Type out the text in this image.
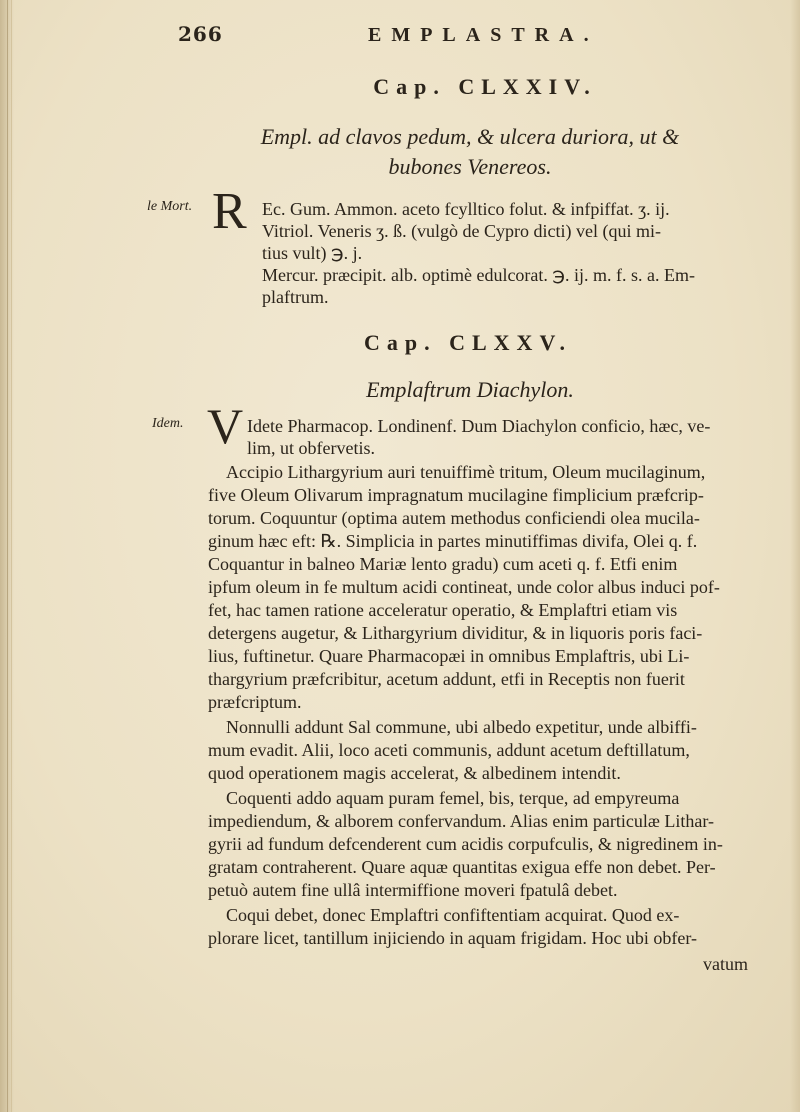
266	EMPLASTRA.
Cap. CLXXIV.
Empl. ad clavos pedum, & ulcera duriora, ut &
bubones Venereos.
le Mort. R Ec. Gum. Ammon. aceto fcylltico folut. & infpiffat. ʒ. ij.
Vitriol. Veneris ʒ. ß. (vulgò de Cypro dicti) vel (qui mi-
tius vult) ℈. j.
Mercur. præcipit. alb. optimè edulcorat. ℈. ij. m. f. s. a. Em-
plaftrum.
Cap. CLXXV.
Emplaftrum Diachylon.
Idem. V Idete Pharmacop. Londinenf. Dum Diachylon conficio, hæc, ve-
lim, ut obfervetis.
Accipio Lithargyrium auri tenuiffimè tritum, Oleum mucilaginum,
five Oleum Olivarum impragnatum mucilagine fimplicium præfcrip-
torum. Coquuntur (optima autem methodus conficiendi olea mucila-
ginum hæc eft: ℞. Simplicia in partes minutiffimas divifa, Olei q. f.
Coquantur in balneo Mariæ lento gradu) cum aceti q. f. Etfi enim
ipfum oleum in fe multum acidi contineat, unde color albus induci pof-
fet, hac tamen ratione acceleratur operatio, & Emplaftri etiam vis
detergens augetur, & Lithargyrium dividitur, & in liquoris poris faci-
lius, fuftinetur. Quare Pharmacopæi in omnibus Emplaftris, ubi Li-
thargyrium præfcribitur, acetum addunt, etfi in Receptis non fuerit
præfcriptum.
Nonnulli addunt Sal commune, ubi albedo expetitur, unde albiffi-
mum evadit. Alii, loco aceti communis, addunt acetum deftillatum,
quod operationem magis accelerat, & albedinem intendit.
Coquenti addo aquam puram femel, bis, terque, ad empyreuma
impediendum, & alborem confervandum. Alias enim particulæ Lithar-
gyrii ad fundum defcenderent cum acidis corpufculis, & nigredinem in-
gratam contraherent. Quare aquæ quantitas exigua effe non debet. Per-
petuò autem fine ullâ intermiffione moveri fpatulâ debet.
Coqui debet, donec Emplaftri confiftentiam acquirat. Quod ex-
plorare licet, tantillum injiciendo in aquam frigidam. Hoc ubi obfer-
vatum
